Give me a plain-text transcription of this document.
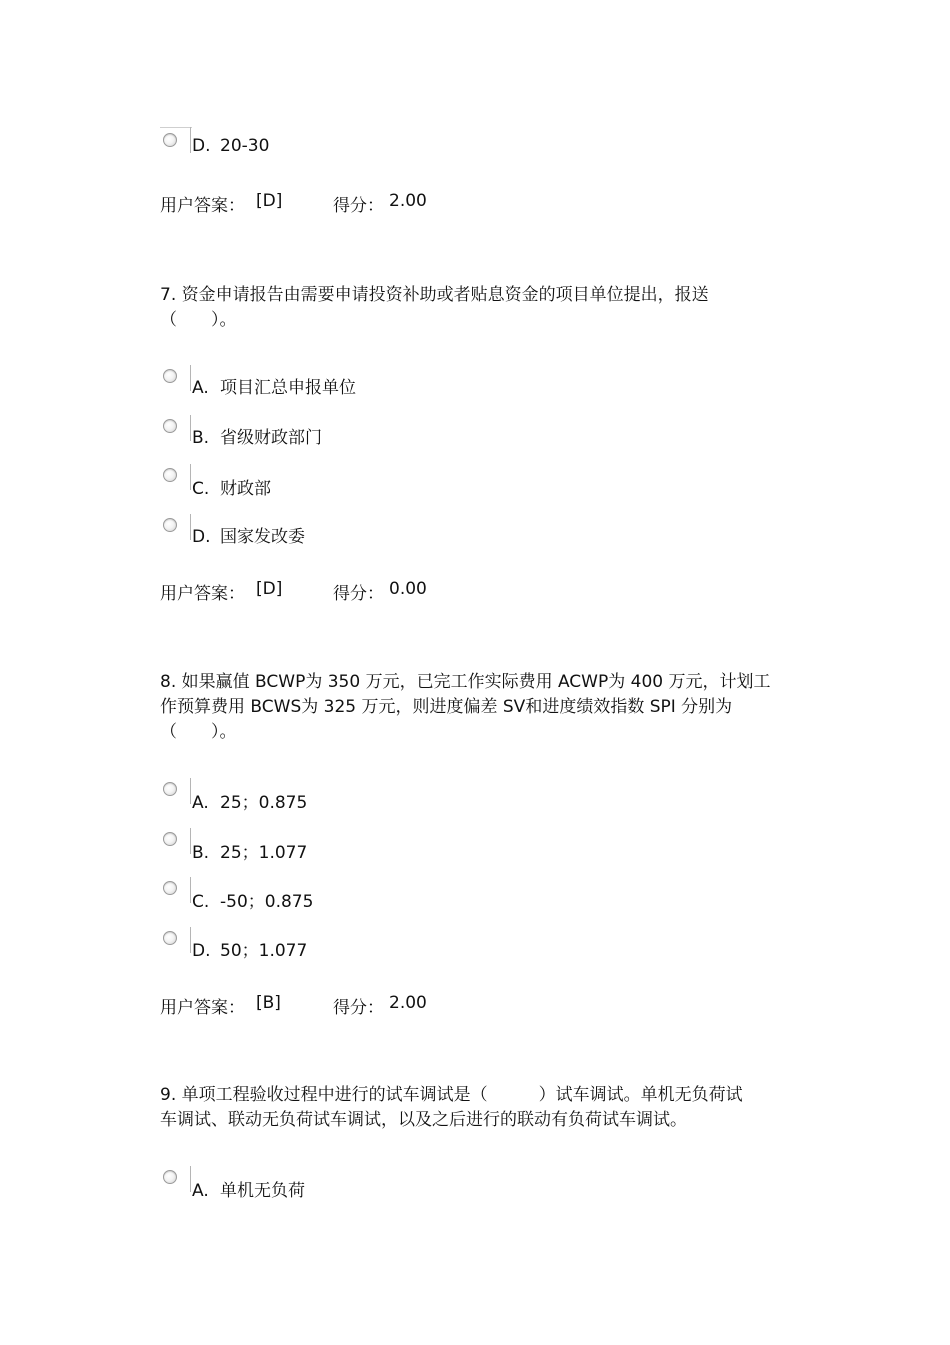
D. 20-30
用户答案： [D]	得分： 2.00
7. 资金申请报告由需要申请投资补助或者贴息资金的项目单位提出，报送
（　　）。
A. 项目汇总申报单位
B. 省级财政部门
C. 财政部
D. 国家发改委
用户答案： [D]	得分： 0.00
8. 如果赢值 BCWP为 350 万元，已完工作实际费用 ACWP为 400 万元，计划工
作预算费用 BCWS为 325 万元，则进度偏差 SV和进度绩效指数 SPI 分别为
（　　）。
A. 25；0.875
B. 25；1.077
C. -50；0.875
D. 50；1.077
用户答案： [B]	得分： 2.00
9. 单项工程验收过程中进行的试车调试是（　　　）试车调试。单机无负荷试
车调试、联动无负荷试车调试，以及之后进行的联动有负荷试车调试。
A. 单机无负荷
